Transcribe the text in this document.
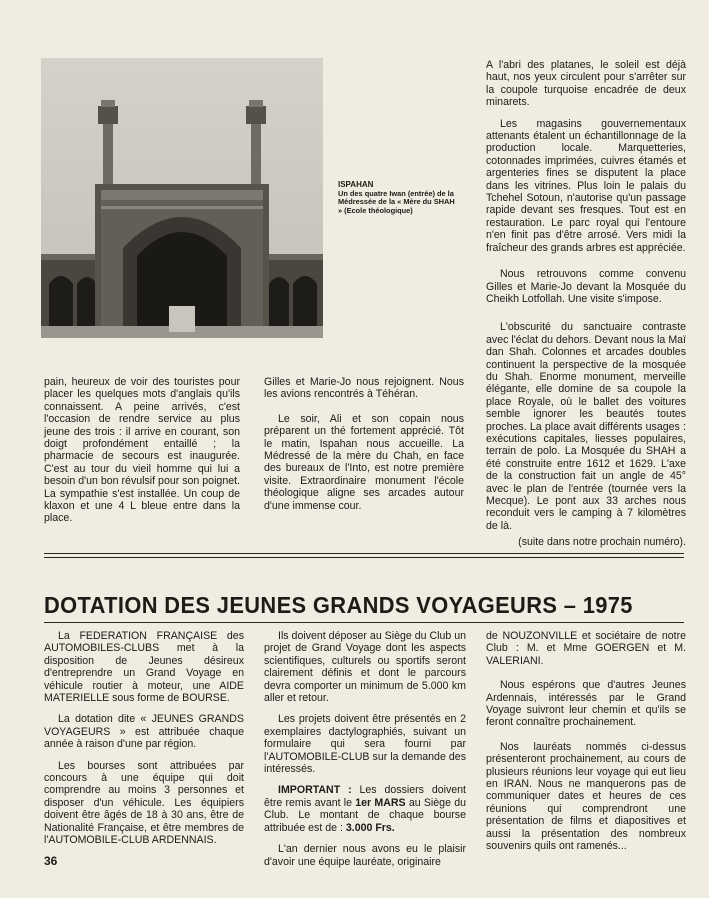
ISPAHAN
Un des quatre Iwan (entrée) de la Médressée de la « Mère du SHAH » (Ecole théologique)

A l'abri des platanes, le soleil est déjà haut, nos yeux circulent pour s'arrêter sur la coupole turquoise encadrée de deux minarets.

Les magasins gouvernementaux attenants étalent un échantillonnage de la production locale. Marquetteries, cotonnades imprimées, cuivres étamés et argenteries fines se disputent la place dans les vitrines. Plus loin le palais du Tchehel Sotoun, n'autorise qu'un passage rapide devant ses fresques. Tout est en restauration. Le parc royal qui l'entoure n'en finit pas d'être arrosé. Vers midi la fraîcheur des grands arbres est appréciée.

Nous retrouvons comme convenu Gilles et Marie-Jo devant la Mosquée du Cheikh Lotfollah. Une visite s'impose.

L'obscurité du sanctuaire contraste avec l'éclat du dehors. Devant nous la Maï dan Shah. Colonnes et arcades doubles continuent la perspective de la mosquée du Shah. Enorme monument, merveille élégante, elle domine de sa coupole la place Royale, où le ballet des voitures semble ignorer les beautés toutes proches. La place avait différents usages : exécutions capitales, liesses populaires, terrain de polo. La Mosquée du SHAH a été construite entre 1612 et 1629. L'axe de la construction fait un angle de 45° avec le plan de l'entrée (tournée vers la Mecque). Le pont aux 33 arches nous reconduit vers le camping à 7 kilomètres de là.

(suite dans notre prochain numéro).

pain, heureux de voir des touristes pour placer les quelques mots d'anglais qu'ils connaissent. A peine arrivés, c'est l'occasion de rendre service au plus jeune des trois : il arrive en courant, son doigt profondément entaillé ; la pharmacie de secours est inaugurée. C'est au tour du vieil homme qui lui a besoin d'un bon révulsif pour son poignet. La sympathie s'est installée. Un coup de klaxon et une 4 L bleue entre dans la place.

Gilles et Marie-Jo nous rejoignent. Nous les avions rencontrés à Téhéran.

Le soir, Ali et son copain nous préparent un thé fortement apprécié. Tôt le matin, Ispahan nous accueille. La Médressé de la mère du Chah, en face des bureaux de l'Into, est notre première visite. Extraordinaire monument l'école théologique aligne ses arcades autour d'une immense cour.

DOTATION DES JEUNES GRANDS VOYAGEURS – 1975

La FEDERATION FRANÇAISE des AUTOMOBILES-CLUBS met à la disposition de Jeunes désireux d'entreprendre un Grand Voyage en véhicule routier à moteur, une AIDE MATERIELLE sous forme de BOURSE.

La dotation dite « JEUNES GRANDS VOYAGEURS » est attribuée chaque année à raison d'une par région.

Les bourses sont attribuées par concours à une équipe qui doit comprendre au moins 3 personnes et disposer d'un véhicule. Les équipiers doivent être âgés de 18 à 30 ans, être de Nationalité Française, et être membres de l'AUTOMOBILE-CLUB ARDENNAIS.

Ils doivent déposer au Siège du Club un projet de Grand Voyage dont les aspects scientifiques, culturels ou sportifs seront clairement définis et dont le parcours devra comporter un minimum de 5.000 km aller et retour.

Les projets doivent être présentés en 2 exemplaires dactylographiés, suivant un formulaire qui sera fourni par l'AUTOMOBILE-CLUB sur la demande des intéressés.

IMPORTANT : Les dossiers doivent être remis avant le 1er MARS au Siège du Club. Le montant de chaque bourse attribuée est de : 3.000 Frs.

L'an dernier nous avons eu le plaisir d'avoir une équipe lauréate, originaire

de NOUZONVILLE et sociétaire de notre Club : M. et Mme GOERGEN et M. VALERIANI.

Nous espérons que d'autres Jeunes Ardennais, intéressés par le Grand Voyage suivront leur chemin et qu'ils se feront connaître prochainement.

Nos lauréats nommés ci-dessus présenteront prochainement, au cours de plusieurs réunions leur voyage qui eut lieu en IRAN. Nous ne manquerons pas de communiquer dates et heures de ces réunions qui comprendront une présentation de films et diapositives et aussi la présentation des nombreux souvenirs quils ont ramenés...

36
